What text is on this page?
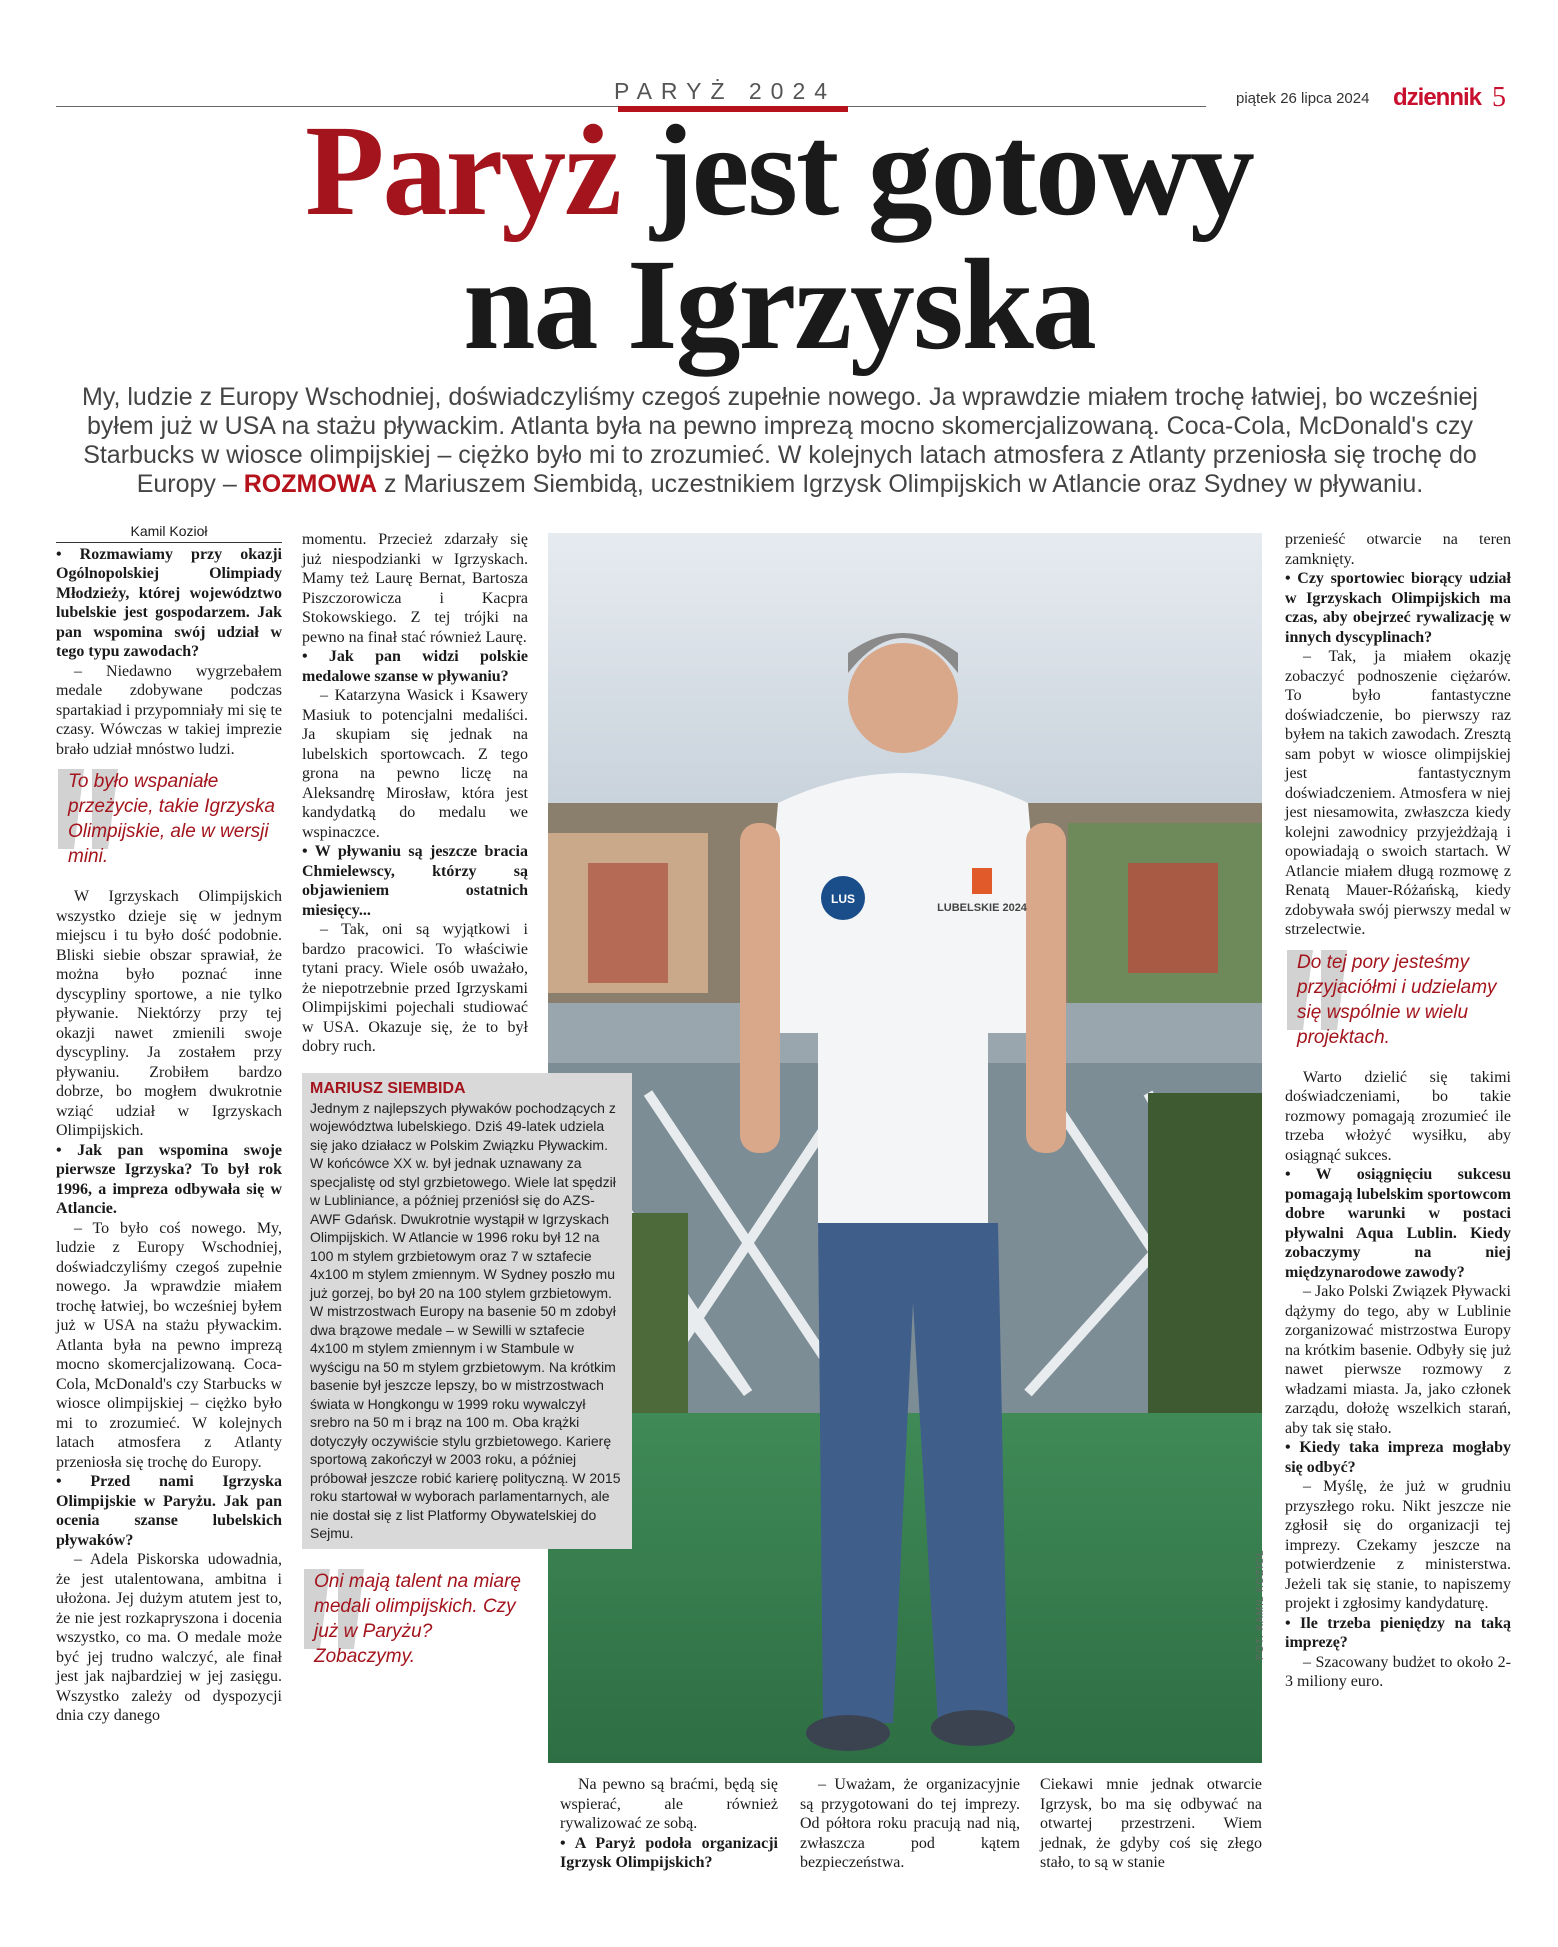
PARYŻ 2024	piątek 26 lipca 2024 dziennik 5
Paryż jest gotowy
na Igrzyska
My, ludzie z Europy Wschodniej, doświadczyliśmy czegoś zupełnie nowego. Ja wprawdzie miałem trochę łatwiej, bo wcześniej byłem już w USA na stażu pływackim. Atlanta była na pewno imprezą mocno skomercjalizowaną. Coca-Cola, McDonald's czy Starbucks w wiosce olimpijskiej – ciężko było mi to zrozumieć. W kolejnych latach atmosfera z Atlanty przeniosła się trochę do Europy – ROZMOWA z Mariuszem Siembidą, uczestnikiem Igrzysk Olimpijskich w Atlancie oraz Sydney w pływaniu.
LUS
LUBELSKIE 2024
FOT. KAMIL KOZIOŁ
Kamil Kozioł

• Rozmawiamy przy okazji Ogólnopolskiej Olimpiady Młodzieży, której województwo lubelskie jest gospodarzem. Jak pan wspomina swój udział w tego typu zawodach?

– Niedawno wygrzebałem medale zdobywane podczas spartakiad i przypomniały mi się te czasy. Wówczas w takiej imprezie brało udział mnóstwo ludzi.

To było wspaniałe przeżycie, takie Igrzyska Olimpijskie, ale w wersji mini.

W Igrzyskach Olimpijskich wszystko dzieje się w jednym miejscu i tu było dość podobnie. Bliski siebie obszar sprawiał, że można było poznać inne dyscypliny sportowe, a nie tylko pływanie. Niektórzy przy tej okazji nawet zmienili swoje dyscypliny. Ja zostałem przy pływaniu. Zrobiłem bardzo dobrze, bo mogłem dwukrotnie wziąć udział w Igrzyskach Olimpijskich.

• Jak pan wspomina swoje pierwsze Igrzyska? To był rok 1996, a impreza odbywała się w Atlancie.

– To było coś nowego. My, ludzie z Europy Wschodniej, doświadczyliśmy czegoś zupełnie nowego. Ja wprawdzie miałem trochę łatwiej, bo wcześniej byłem już w USA na stażu pływackim. Atlanta była na pewno imprezą mocno skomercjalizowaną. Coca-Cola, McDonald's czy Starbucks w wiosce olimpijskiej – ciężko było mi to zrozumieć. W kolejnych latach atmosfera z Atlanty przeniosła się trochę do Europy.

• Przed nami Igrzyska Olimpijskie w Paryżu. Jak pan ocenia szanse lubelskich pływaków?

– Adela Piskorska udowadnia, że jest utalentowana, ambitna i ułożona. Jej dużym atutem jest to, że nie jest rozkapryszona i docenia wszystko, co ma. O medale może być jej trudno walczyć, ale finał jest jak najbardziej w jej zasięgu. Wszystko zależy od dyspozycji dnia czy danego

momentu. Przecież zdarzały się już niespodzianki w Igrzyskach. Mamy też Laurę Bernat, Bartosza Piszczorowicza i Kacpra Stokowskiego. Z tej trójki na pewno na finał stać również Laurę.

• Jak pan widzi polskie medalowe szanse w pływaniu?

– Katarzyna Wasick i Ksawery Masiuk to potencjalni medaliści. Ja skupiam się jednak na lubelskich sportowcach. Z tego grona na pewno liczę na Aleksandrę Mirosław, która jest kandydatką do medalu we wspinaczce.

• W pływaniu są jeszcze bracia Chmielewscy, którzy są objawieniem ostatnich miesięcy...

– Tak, oni są wyjątkowi i bardzo pracowici. To właściwie tytani pracy. Wiele osób uważało, że niepotrzebnie przed Igrzyskami Olimpijskimi pojechali studiować w USA. Okazuje się, że to był dobry ruch.

MARIUSZ SIEMBIDA

Jednym z najlepszych pływaków pochodzących z województwa lubelskiego. Dziś 49-latek udziela się jako działacz w Polskim Związku Pływackim. W końcówce XX w. był jednak uznawany za specjalistę od styl grzbietowego. Wiele lat spędził w Lubliniance, a później przeniósł się do AZS-AWF Gdańsk. Dwukrotnie wystąpił w Igrzyskach Olimpijskich. W Atlancie w 1996 roku był 12 na 100 m stylem grzbietowym oraz 7 w sztafecie 4x100 m stylem zmiennym. W Sydney poszło mu już gorzej, bo był 20 na 100 stylem grzbietowym. W mistrzostwach Europy na basenie 50 m zdobył dwa brązowe medale – w Sewilli w sztafecie 4x100 m stylem zmiennym i w Stambule w wyścigu na 50 m stylem grzbietowym. Na krótkim basenie był jeszcze lepszy, bo w mistrzostwach świata w Hongkongu w 1999 roku wywalczył srebro na 50 m i brąz na 100 m. Oba krążki dotyczyły oczywiście stylu grzbietowego. Karierę sportową zakończył w 2003 roku, a później próbował jeszcze robić karierę polityczną. W 2015 roku startował w wyborach parlamentarnych, ale nie dostał się z list Platformy Obywatelskiej do Sejmu.

Oni mają talent na miarę medali olimpijskich. Czy już w Paryżu? Zobaczymy.

Na pewno są braćmi, będą się wspierać, ale również rywalizować ze sobą.

• A Paryż podoła organizacji Igrzysk Olimpijskich?

– Uważam, że organizacyjnie są przygotowani do tej imprezy. Od półtora roku pracują nad nią, zwłaszcza pod kątem bezpieczeństwa.

Ciekawi mnie jednak otwarcie Igrzysk, bo ma się odbywać na otwartej przestrzeni. Wiem jednak, że gdyby coś się złego stało, to są w stanie

przenieść otwarcie na teren zamknięty.

• Czy sportowiec biorący udział w Igrzyskach Olimpijskich ma czas, aby obejrzeć rywalizację w innych dyscyplinach?

– Tak, ja miałem okazję zobaczyć podnoszenie ciężarów. To było fantastyczne doświadczenie, bo pierwszy raz byłem na takich zawodach. Zresztą sam pobyt w wiosce olimpijskiej jest fantastycznym doświadczeniem. Atmosfera w niej jest niesamowita, zwłaszcza kiedy kolejni zawodnicy przyjeżdżają i opowiadają o swoich startach. W Atlancie miałem długą rozmowę z Renatą Mauer-Różańską, kiedy zdobywała swój pierwszy medal w strzelectwie.

Do tej pory jesteśmy przyjaciółmi i udzielamy się wspólnie w wielu projektach.

Warto dzielić się takimi doświadczeniami, bo takie rozmowy pomagają zrozumieć ile trzeba włożyć wysiłku, aby osiągnąć sukces.

• W osiągnięciu sukcesu pomagają lubelskim sportowcom dobre warunki w postaci pływalni Aqua Lublin. Kiedy zobaczymy na niej międzynarodowe zawody?

– Jako Polski Związek Pływacki dążymy do tego, aby w Lublinie zorganizować mistrzostwa Europy na krótkim basenie. Odbyły się już nawet pierwsze rozmowy z władzami miasta. Ja, jako członek zarządu, dołożę wszelkich starań, aby tak się stało.

• Kiedy taka impreza mogłaby się odbyć?

– Myślę, że już w grudniu przyszłego roku. Nikt jeszcze nie zgłosił się do organizacji tej imprezy. Czekamy jeszcze na potwierdzenie z ministerstwa. Jeżeli tak się stanie, to napiszemy projekt i zgłosimy kandydaturę.

• Ile trzeba pieniędzy na taką imprezę?

– Szacowany budżet to około 2-3 miliony euro.
